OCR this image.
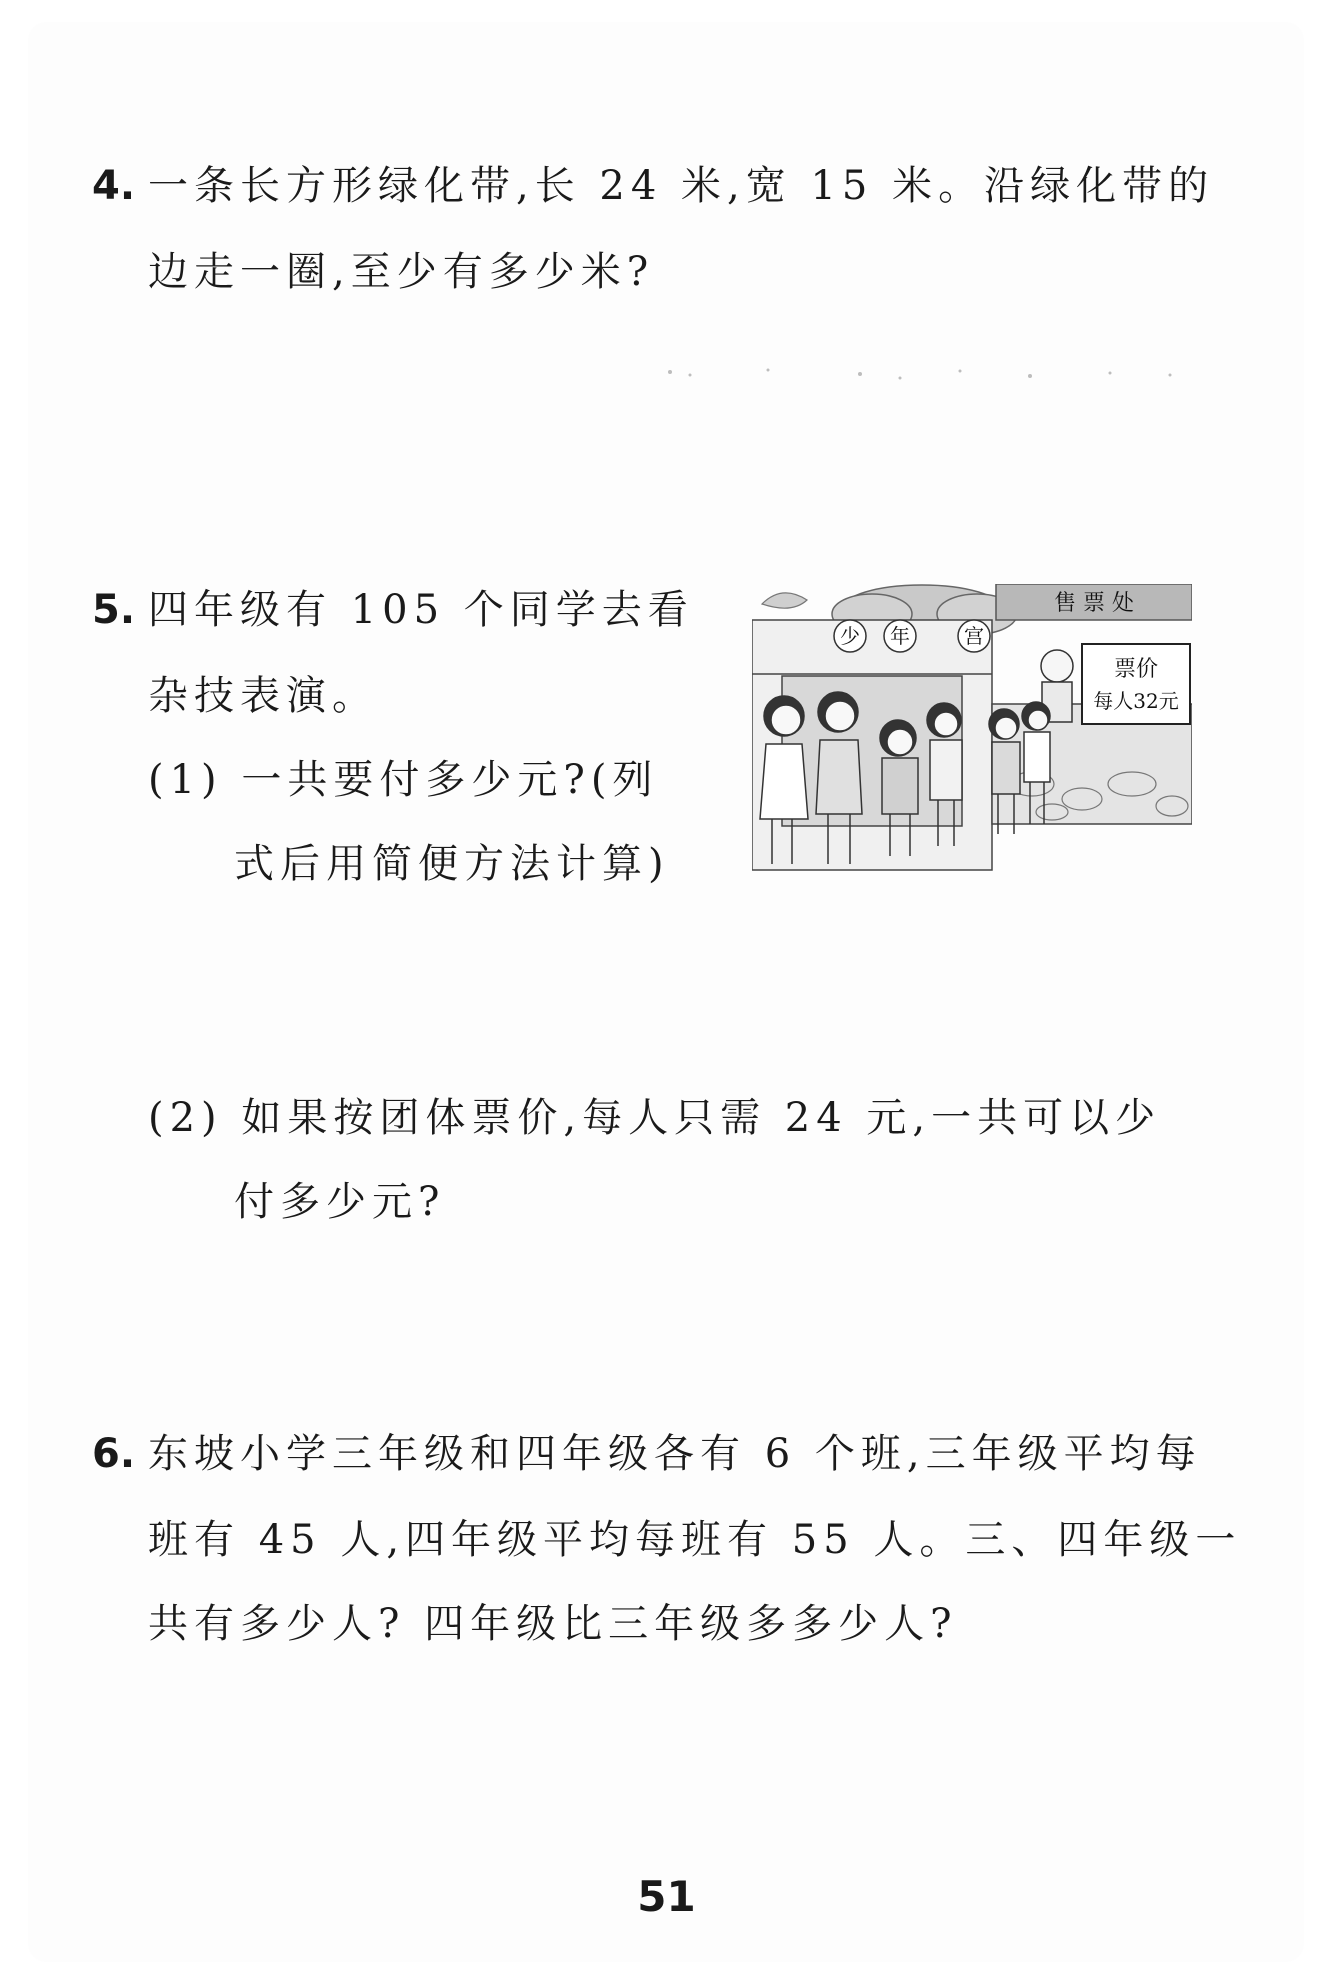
4. 一条长方形绿化带,长 24 米,宽 15 米。沿绿化带的
边走一圈,至少有多少米?
5. 四年级有 105 个同学去看
杂技表演。
(1) 一共要付多少元?(列
式后用简便方法计算)
售 票 处
少 年	宫
票价
每人32元
(2) 如果按团体票价,每人只需 24 元,一共可以少
付多少元?
6. 东坡小学三年级和四年级各有 6 个班,三年级平均每
班有 45 人,四年级平均每班有 55 人。三、四年级一
共有多少人? 四年级比三年级多多少人?
51
